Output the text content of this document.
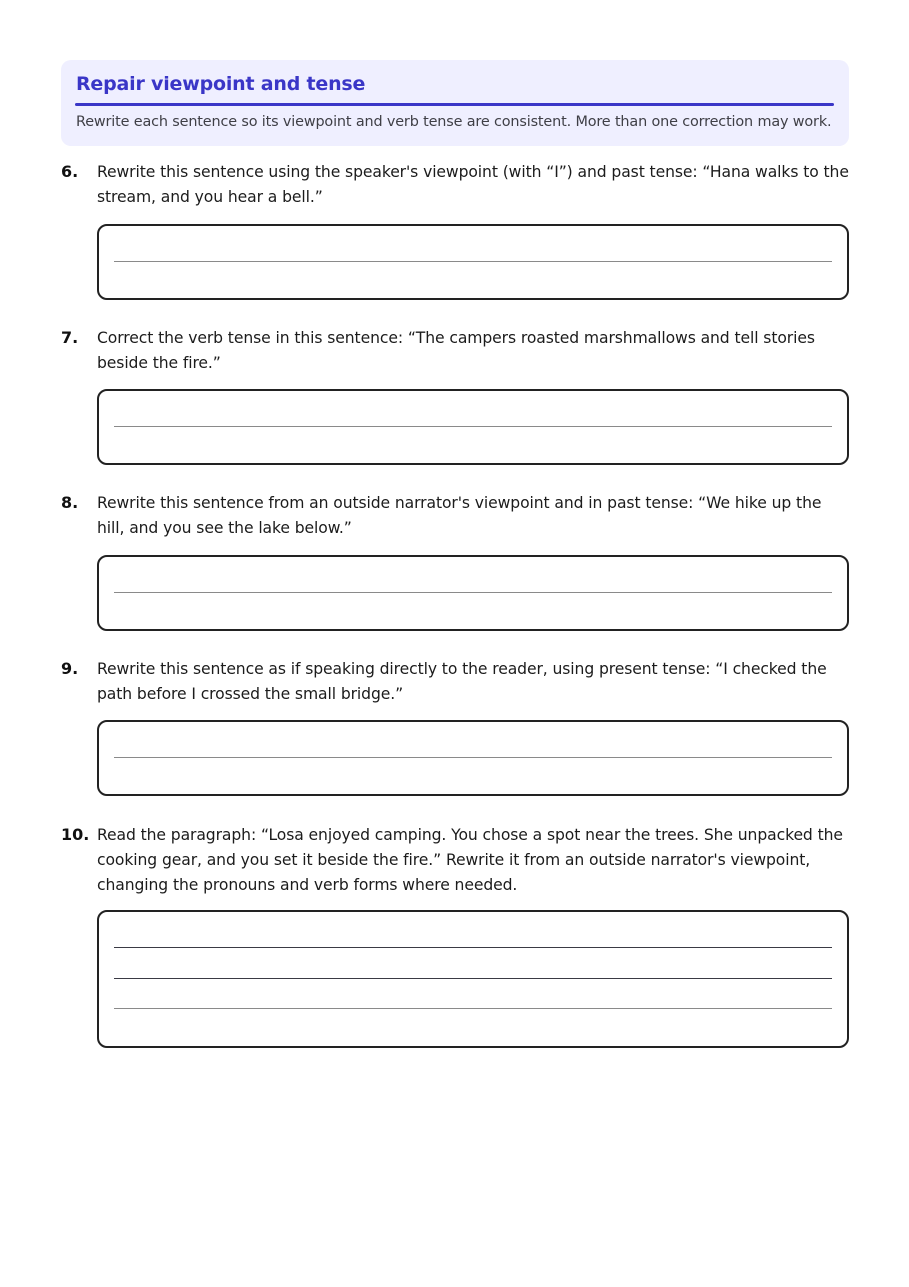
Repair viewpoint and tense
Rewrite each sentence so its viewpoint and verb tense are consistent. More than one correction may work.
6. Rewrite this sentence using the speaker's viewpoint (with “I”) and past tense: “Hana walks to the stream, and you hear a bell.”
7. Correct the verb tense in this sentence: “The campers roasted marshmallows and tell stories beside the fire.”
8. Rewrite this sentence from an outside narrator's viewpoint and in past tense: “We hike up the hill, and you see the lake below.”
9. Rewrite this sentence as if speaking directly to the reader, using present tense: “I checked the path before I crossed the small bridge.”
10. Read the paragraph: “Losa enjoyed camping. You chose a spot near the trees. She unpacked the cooking gear, and you set it beside the fire.” Rewrite it from an outside narrator's viewpoint, changing the pronouns and verb forms where needed.
